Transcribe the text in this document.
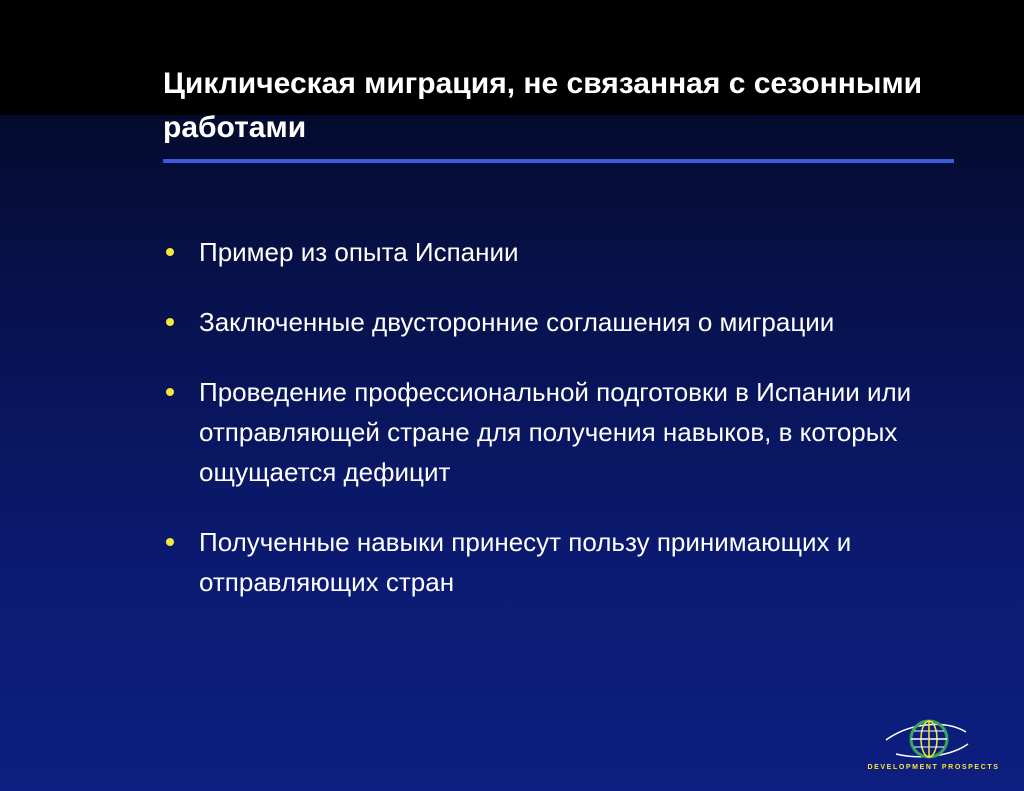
Циклическая миграция, не связанная с сезонными работами
Пример из опыта Испании
Заключенные двусторонние соглашения о миграции
Проведение профессиональной подготовки в Испании или отправляющей стране для получения навыков, в которых ощущается дефицит
Полученные навыки принесут пользу принимающих и отправляющих стран
DEVELOPMENT PROSPECTS
